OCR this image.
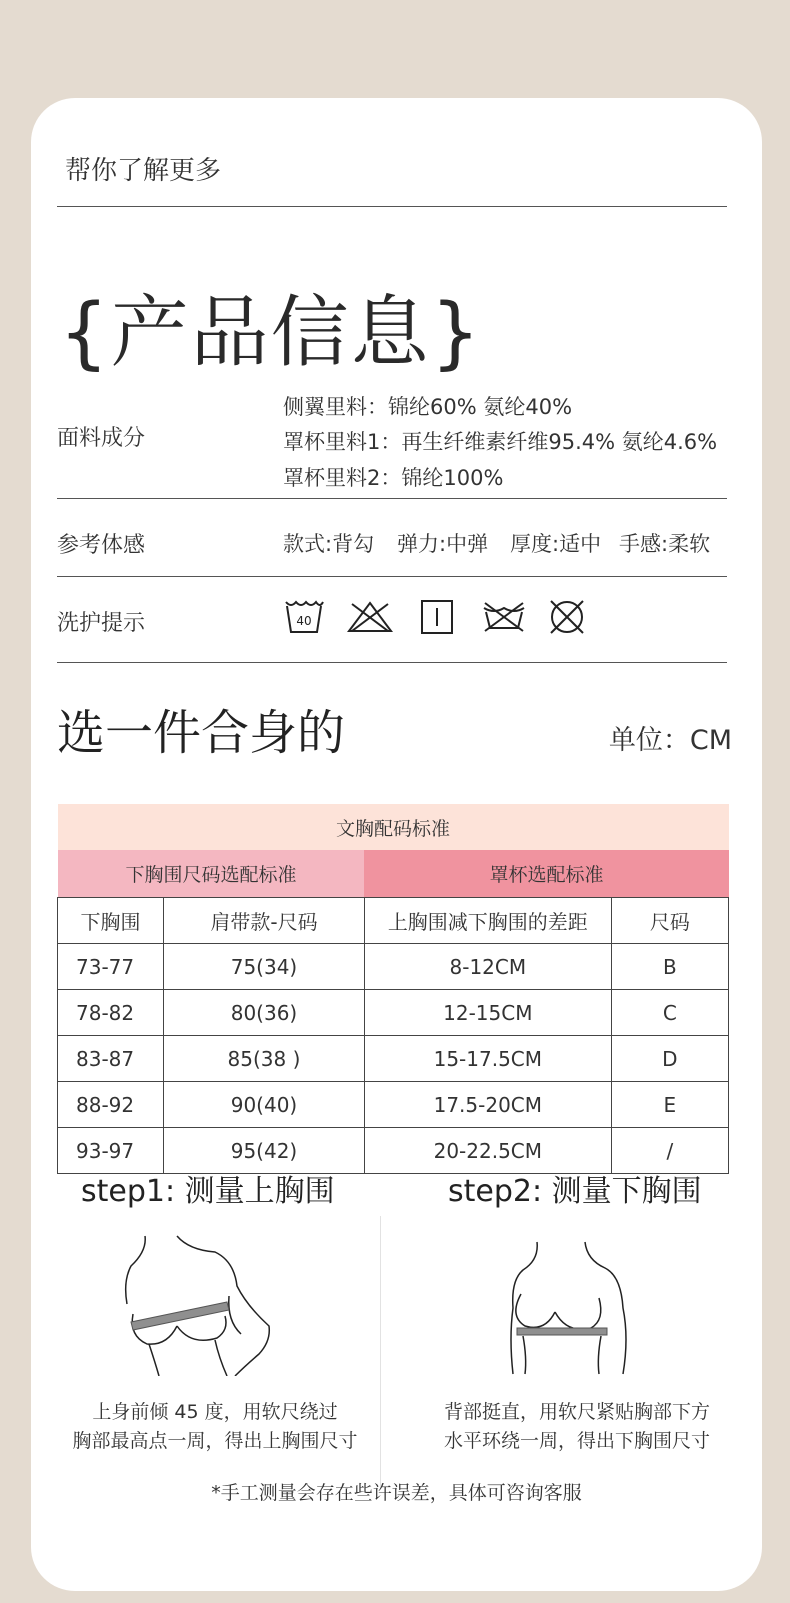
帮你了解更多
{产品信息}
面料成分
侧翼里料：锦纶60% 氨纶40%
罩杯里料1：再生纤维素纤维95.4% 氨纶4.6%
罩杯里料2：锦纶100%
参考体感	款式:背勾 弹力:中弹 厚度:适中 手感:柔软
洗护提示	40
选一件合身的	单位：CM
文胸配码标准			
下胸围尺码选配标准		罩杯选配标准	
下胸围	肩带款-尺码	上胸围减下胸围的差距	尺码
73-77	75(34)	8-12CM	B
78-82	80(36)	12-15CM	C
83-87	85(38 )	15-17.5CM	D
88-92	90(40)	17.5-20CM	E
93-97	95(42)	20-22.5CM	/
step1: 测量上胸围	step2: 测量下胸围
上身前倾 45 度，用软尺绕过
胸部最高点一周，得出上胸围尺寸
背部挺直，用软尺紧贴胸部下方
水平环绕一周，得出下胸围尺寸
*手工测量会存在些许误差，具体可咨询客服
